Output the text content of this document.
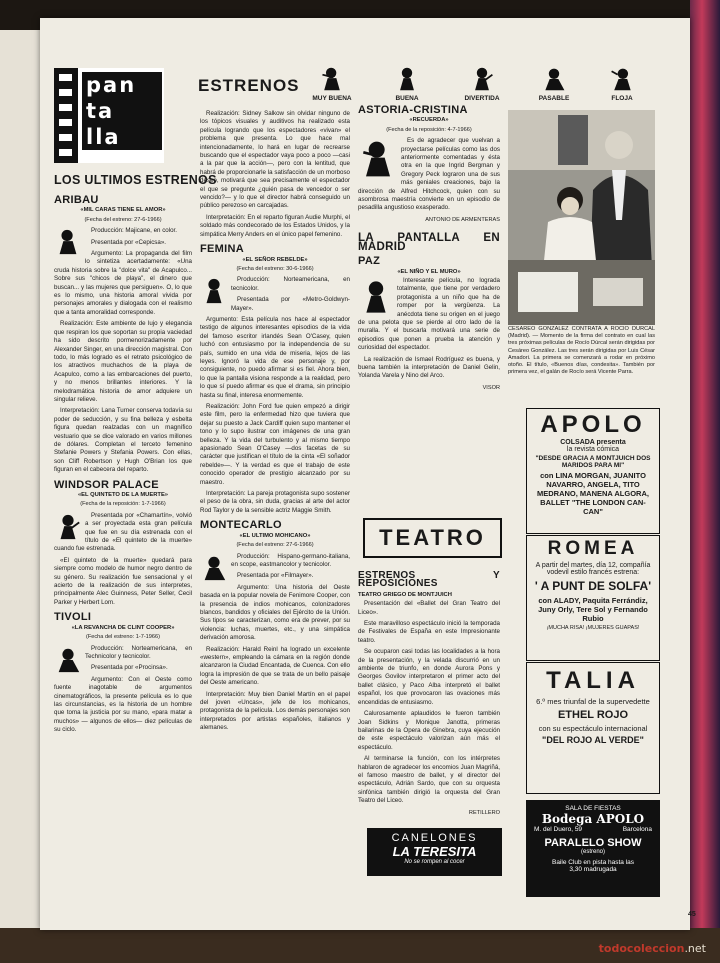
pan
ta
lla
ESTRENOS
MUY BUENA	BUENA	DIVERTIDA	PASABLE	FLOJA
LOS ULTIMOS ESTRENOS
ARIBAU
«MIL CARAS TIENE EL AMOR»
(Fecha del estreno: 27-6-1966)

Producción: Majicane, en color.

Presentada por «Cepicsa».

Argumento: La propaganda del film lo sintetiza acertadamente: «Una cruda historia sobre la "dolce vita" de Acapulco... Sobre sus "chicos de playa", el dinero que buscan... y las mujeres que persiguen». O, lo que es lo mismo, una historia amoral vivida por personajes amorales y dialogada con el realismo que a tanta amoralidad corresponde.

Realización: Este ambiente de lujo y elegancia que respiran los que soportan su propia vaciedad ha sido descrito pormenorizadamente por Alexander Singer, en una dirección magistral. Con todo, lo más logrado es el retrato psicológico de los atractivos muchachos de la playa de Acapulco, como a las embarcaciones del puerto, y no menos brillantes interiores. Y la melodramática historia de amor adquiere un singular relieve.

Interpretación: Lana Turner conserva todavía su poder de seducción, y su fina belleza y esbelta figura quedan realzadas con un magnífico vestuario que se dice valorado en varios millones de dólares. Completan el terceto femenino Stefanie Powers y Stefania Powers. Con ellas, son Cliff Robertson y Hugh O'Brian los que figuran en el cabecera del reparto.

WINDSOR PALACE
«EL QUINTETO DE LA MUERTE»
(Fecha de la reposición: 1-7-1966)

Presentada por «Chamartín», volvió a ser proyectada esta gran película que fue en su día estrenada con el título de «El quinteto de la muerte» cuando fue estrenada.

«El quinteto de la muerte» quedará para siempre como modelo de humor negro dentro de su género. Su realización fue sensacional y el acierto de la realización de sus interpretes, principalmente Alec Guinness, Peter Seller, Cecil Parker y Herbert Lom.

TIVOLI
«LA REVANCHA DE CLINT COOPER»
(Fecha del estreno: 1-7-1966)

Producción: Norteamericana, en Technicolor y tecnicolor.

Presentada por «Procinsa».

Argumento: Con el Oeste como fuente inagotable de argumentos cinematográficos, la presente película es lo que las circunstancias, es la historia de un hombre que toma la justicia por su mano, «para matar a muchos» — algunos de ellos— diez películas de su ciclo.

Realización: Sidney Salkow sin olvidar ninguno de los tópicos visuales y auditivos ha realizado esta película logrando que los espectadores «vivan» el problema que presenta. Lo que hace mal intencionadamente, lo hará en lugar de recrearse buscando que el espectador vaya poco a poco —casi a la par que la acción—, pero con la lentitud, que habrá de proporcionarle la satisfacción de un morboso deseo, motivará que sea precisamente el espectador el que se pregunte ¿quién pasa de vencedor o ser vencido?— y lo que el director habrá conseguido un público perezoso en carcajadas.

Interpretación: En el reparto figuran Audie Murphi, el soldado más condecorado de los Estados Unidos, y la simpática Merry Anders en el único papel femenino.

FEMINA
«EL SEÑOR REBELDE»
(Fecha del estreno: 30-6-1966)

Producción: Norteamericana, en tecnicolor.

Presentada por «Metro-Goldwyn-Mayer».

Argumento: Esta película nos hace al espectador testigo de algunos interesantes episodios de la vida del famoso escritor irlandés Sean O'Casey, quien luchó con entusiasmo por la independencia de su país, sumido en una vida de miseria, lejos de las leyes. Ignoró la vida de ese personaje y, por consiguiente, no puedo afirmar si es fiel. Ahora bien, lo que la pantalla visiona responde a la realidad, pero lo que sí puedo afirmar es que el drama, sin principio hasta su final, interesa enormemente.

Realización: John Ford fue quien empezó a dirigir este film, pero la enfermedad hizo que tuviera que dejar su puesto a Jack Cardiff quien supo mantener el tono y lo supo ilustrar con imágenes de una gran belleza. Y la vida del turbulento y al mismo tiempo apasionado Sean O'Casey —dos facetas de su carácter que justifican el título de la cinta «El soñador rebelde»—. Y la verdad es que el trabajo de este conocido operador de prestigio alcanzado por su maestro.

Interpretación: La pareja protagonista supo sostener el peso de la obra, sin duda, gracias al arte del actor Rod Taylor y de la sensible actriz Maggie Smith.

MONTECARLO
«EL ULTIMO MOHICANO»
(Fecha del estreno: 27-6-1966)

Producción: Hispano-germano-italiana, en scope, eastmancolor y tecnicolor.

Presentada por «Filmayer».

Argumento: Una historia del Oeste basada en la popular novela de Fenimore Cooper, con la presencia de indios mohicanos, colonizadores blancos, bandidos y oficiales del Ejército de la Unión. Sus tipos se caracterizan, como era de prever, por su violencia: luchas, muertes, etc., y una simpática derivación amorosa.

Realización: Harald Reinl ha logrado un excelente «western», empleando la cámara en la región donde alcanzaron la Ciudad Encantada, de Cuenca. Con ello logra la impresión de que se trata de un bello paisaje del Oeste americano.

Interpretación: Muy bien Daniel Martín en el papel del joven «Uncas», jefe de los mohicanos, protagonista de la película. Los demás personajes son interpretados por artistas españoles, italianos y alemanes.

ASTORIA-CRISTINA
«RECUERDA»
(Fecha de la reposición: 4-7-1966)

Es de agradecer que vuelvan a proyectarse películas como las dos anteriormente comentadas y ésta otra en la que Ingrid Bergman y Gregory Peck lograron una de sus más geniales creaciones, bajo la dirección de Alfred Hitchcock, quien con su asombrosa maestría convierte en un episodio de pesadilla angustioso exasperado.

ANTONIO DE ARMENTERAS
LA PANTALLA EN MADRID
PAZ
«EL NIÑO Y EL MURO»

Interesante película, no lograda totalmente, que tiene por verdadero protagonista a un niño que ha de romper por la vergüenza. La anécdota tiene su origen en el juego de una pelota que se pierde al otro lado de la muralla. Y el buscarla motivará una serie de episodios que ponen a prueba la atención y curiosidad del espectador.

La realización de Ismael Rodríguez es buena, y buena también la interpretación de Daniel Gelin, Yolanda Varela y Nino del Arco.

VISOR
TEATRO
ESTRENOS Y REPOSICIONES
TEATRO GRIEGO DE MONTJUICH

Presentación del «Ballet del Gran Teatro del Liceo».

Este maravilloso espectáculo inició la temporada de Festivales de España en este Impresionante teatro.

Se ocuparon casi todas las localidades a la hora de la presentación, y la velada discurrió en un ambiente de triunfo, en donde Aurora Pons y Georges Govilov interpretaron el primer acto del ballet clásico, y Paco Alba interpretó el ballet español, los que provocaron las ovaciones más encendidas de entusiasmo.

Calurosamente aplaudidos le fueron también Joan Sidkins y Monique Janotta, primeras bailarinas de la Opera de Ginebra, cuya ejecución de este espectáculo valorizan aún más el espectáculo.

Al terminarse la función, con los intérpretes hablaron de agradecer los encomios Juan Magriñá, el famoso maestro de ballet, y el director del espectáculo, Adrián Sardo, que con su orquesta sinfónica también dirigió la orquesta del Gran Teatro del Liceo.

RETILLERO
CANELONES
LA TERESITA
No se rompen al cocer
CESAREO GONZALEZ CONTRATA A ROCIO DURCAL (Madrid). — Momento de la firma del contrato en cual las tres próximas películas de Rocío Dúrcal serán dirigidas por Cesáreo González. Las tres serán dirigidas por Luis César Amadori. La primera se comenzará a rodar en próximo otoño. El título, «Buenos días, condesita». También por primera vez, el galán de Rocío será Vicente Parra.
APOLO
COLSADA presenta
la revista cómica
"DESDE GRACIA A MONTJUICH DOS MARIDOS PARA MI"
con LINA MORGAN, JUANITO NAVARRO, ANGELA, TITO MEDRANO, MANENA ALGORA, BALLET "THE LONDON CAN-CAN"
ROMEA
A partir del martes, día 12, compañía vodevil estilo francés estrena:
' A PUNT DE SOLFA'
con ALADY, Paquita Ferrándiz, Juny Orly, Tere Sol y Fernando Rubio
¡MUCHA RISA! ¡MUJERES GUAPAS!
TALIA
6.º mes triunfal de la supervedette
ETHEL ROJO
con su espectáculo internacional
"DEL ROJO AL VERDE"
SALA DE FIESTAS
Bodega APOLO
M. del Duero, 59	Barcelona
PARALELO SHOW
(estreno)
Baile Club en pista hasta las 3,30 madrugada
45
todocoleccion.net
